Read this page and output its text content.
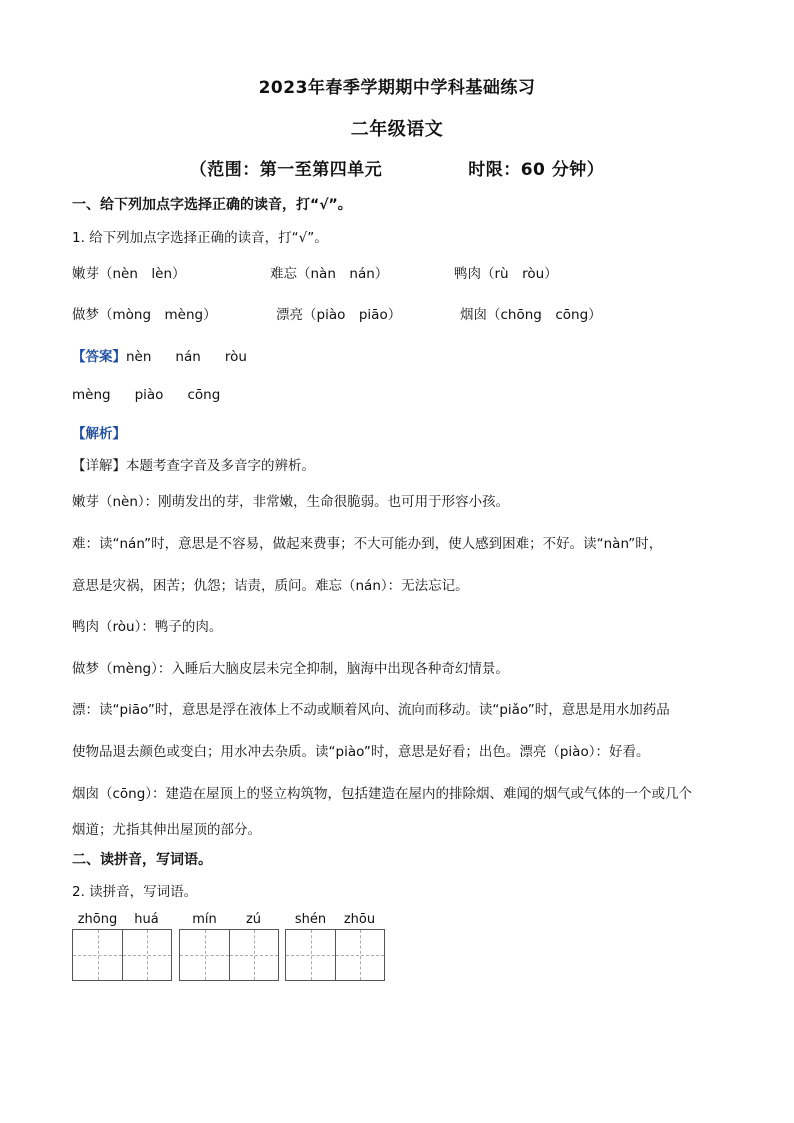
2023年春季学期期中学科基础练习
二年级语文
（范围：第一至第四单元	时限：60 分钟）
一、给下列加点字选择正确的读音，打“√”。
1. 给下列加点字选择正确的读音，打“√”。
嫩芽（nèn　lèn）	难忘（nàn　nán）	鸭肉（rù　ròu）
做梦（mòng　mèng）	漂亮（piào　piāo）	烟囱（chōng　cōng）
【答案】nèn nán ròu
mèng piào cōng
【解析】
【详解】本题考查字音及多音字的辨析。
嫩芽（nèn）：刚萌发出的芽，非常嫩，生命很脆弱。也可用于形容小孩。
难：读“nán”时，意思是不容易，做起来费事；不大可能办到，使人感到困难；不好。读“nàn”时，
意思是灾祸，困苦；仇怨；诘责，质问。难忘（nán）：无法忘记。
鸭肉（ròu）：鸭子的肉。
做梦（mèng）：入睡后大脑皮层未完全抑制，脑海中出现各种奇幻情景。
漂：读“piāo”时，意思是浮在液体上不动或顺着风向、流向而移动。读“piǎo”时，意思是用水加药品
使物品退去颜色或变白；用水冲去杂质。读“piào”时，意思是好看；出色。漂亮（piào）：好看。
烟囱（cōng）：建造在屋顶上的竖立构筑物，包括建造在屋内的排除烟、难闻的烟气或气体的一个或几个
烟道；尤指其伸出屋顶的部分。
二、读拼音，写词语。
2. 读拼音，写词语。
zhōng	huá	mín	zú	shén	zhōu
